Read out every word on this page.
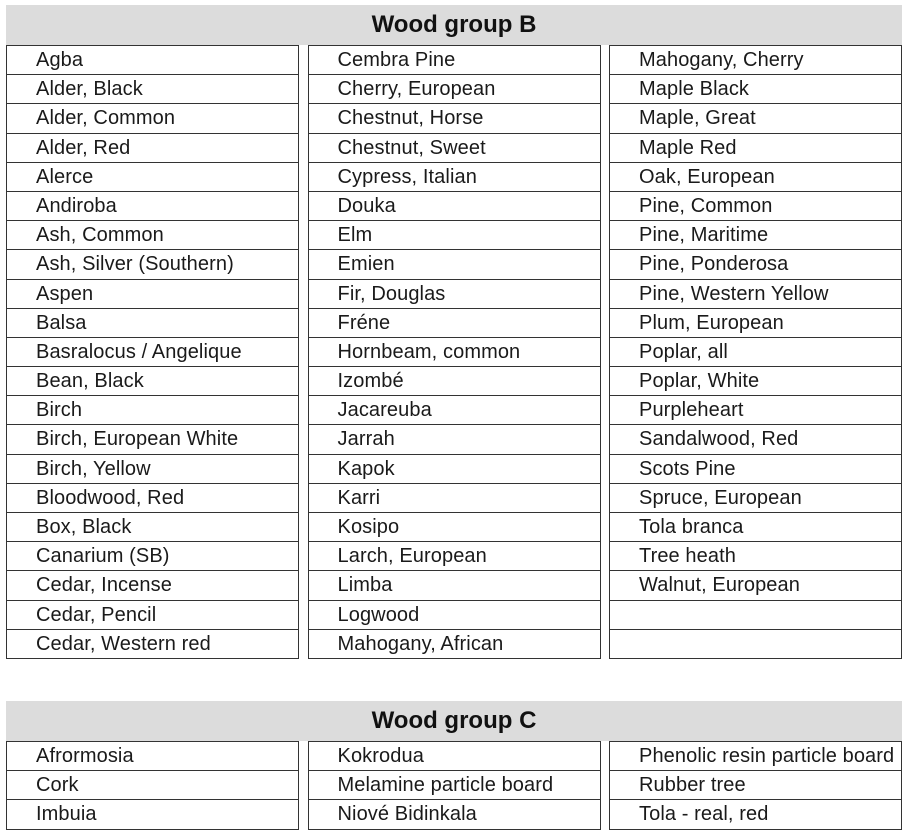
Wood group B
Agba
Alder, Black
Alder, Common
Alder, Red
Alerce
Andiroba
Ash, Common
Ash, Silver (Southern)
Aspen
Balsa
Basralocus / Angelique
Bean, Black
Birch
Birch, European White
Birch, Yellow
Bloodwood, Red
Box, Black
Canarium (SB)
Cedar, Incense
Cedar, Pencil
Cedar, Western red
Cembra Pine
Cherry, European
Chestnut, Horse
Chestnut, Sweet
Cypress, Italian
Douka
Elm
Emien
Fir, Douglas
Fréne
Hornbeam, common
Izombé
Jacareuba
Jarrah
Kapok
Karri
Kosipo
Larch, European
Limba
Logwood
Mahogany, African
Mahogany, Cherry
Maple Black
Maple, Great
Maple Red
Oak, European
Pine, Common
Pine, Maritime
Pine, Ponderosa
Pine, Western Yellow
Plum, European
Poplar, all
Poplar, White
Purpleheart
Sandalwood, Red
Scots Pine
Spruce, European
Tola branca
Tree heath
Walnut, European
Wood group C
Afrormosia
Cork
Imbuia
Kokrodua
Melamine particle board
Niové Bidinkala
Phenolic resin particle board
Rubber tree
Tola - real, red
